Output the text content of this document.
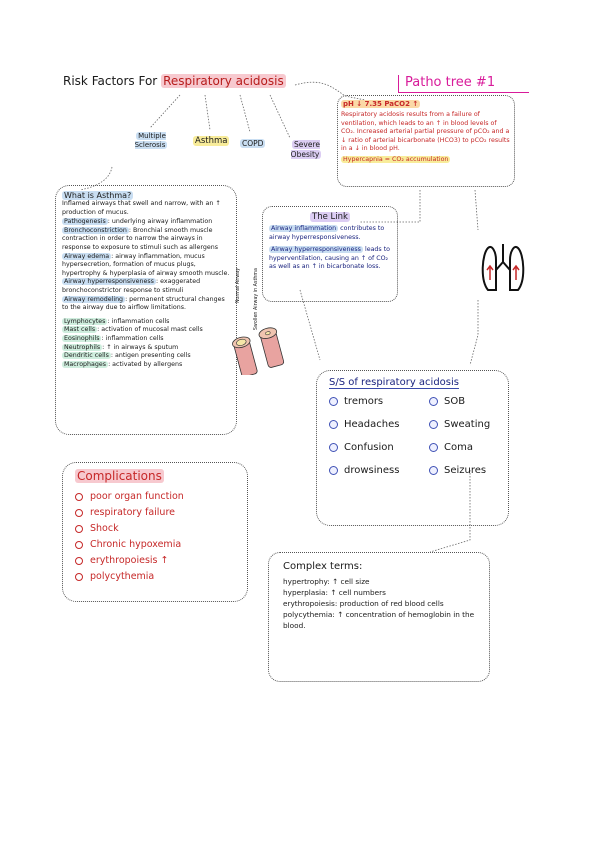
Risk Factors For Respiratory acidosis	Patho tree #1
Multiple Sclerosis	Asthma COPD	Severe Obesity
pH ↓ 7.35 PaCO2 ↑
Respiratory acidosis results from a failure of ventilation, which leads to an ↑ in blood levels of CO₂. Increased arterial partial pressure of pCO₂ and a ↓ ratio of arterial bicarbonate (HCO3) to pCO₂ results in a ↓ in blood pH.
Hypercapnia = CO₂ accumulation
What is Asthma?
Inflamed airways that swell and narrow, with an ↑ production of mucus.
Pathogenesis : underlying airway inflammation
Bronchoconstriction : Bronchial smooth muscle contraction in order to narrow the airways in response to exposure to stimuli such as allergens
Airway edema : airway inflammation, mucus hypersecretion, formation of mucus plugs, hypertrophy & hyperplasia of airway smooth muscle.
Airway hyperresponsiveness : exaggerated bronchoconstrictor response to stimuli
Airway remodeling : permanent structural changes to the airway due to airflow limitations.
Lymphocytes : inflammation cells
Mast cells : activation of mucosal mast cells
Eosinophils : inflammation cells
Neutrophils : ↑ in airways & sputum
Dendritic cells : antigen presenting cells
Macrophages : activated by allergens
The Link
Airway inflammation contributes to airway hyperresponsiveness.
Airway hyperresponsiveness leads to hyperventilation, causing an ↑ of CO₂ as well as an ↑ in bicarbonate loss.
Normal Airway	Swollen Airway in Asthma
S/S of respiratory acidosis
tremors
Headaches
Confusion
drowsiness
SOB
Sweating
Coma
Seizures
Complications
poor organ function
respiratory failure
Shock
Chronic hypoxemia
erythropoiesis ↑
polycythemia
Complex terms:
hypertrophy: ↑ cell size
hyperplasia: ↑ cell numbers
erythropoiesis: production of red blood cells
polycythemia: ↑ concentration of hemoglobin in the blood.
